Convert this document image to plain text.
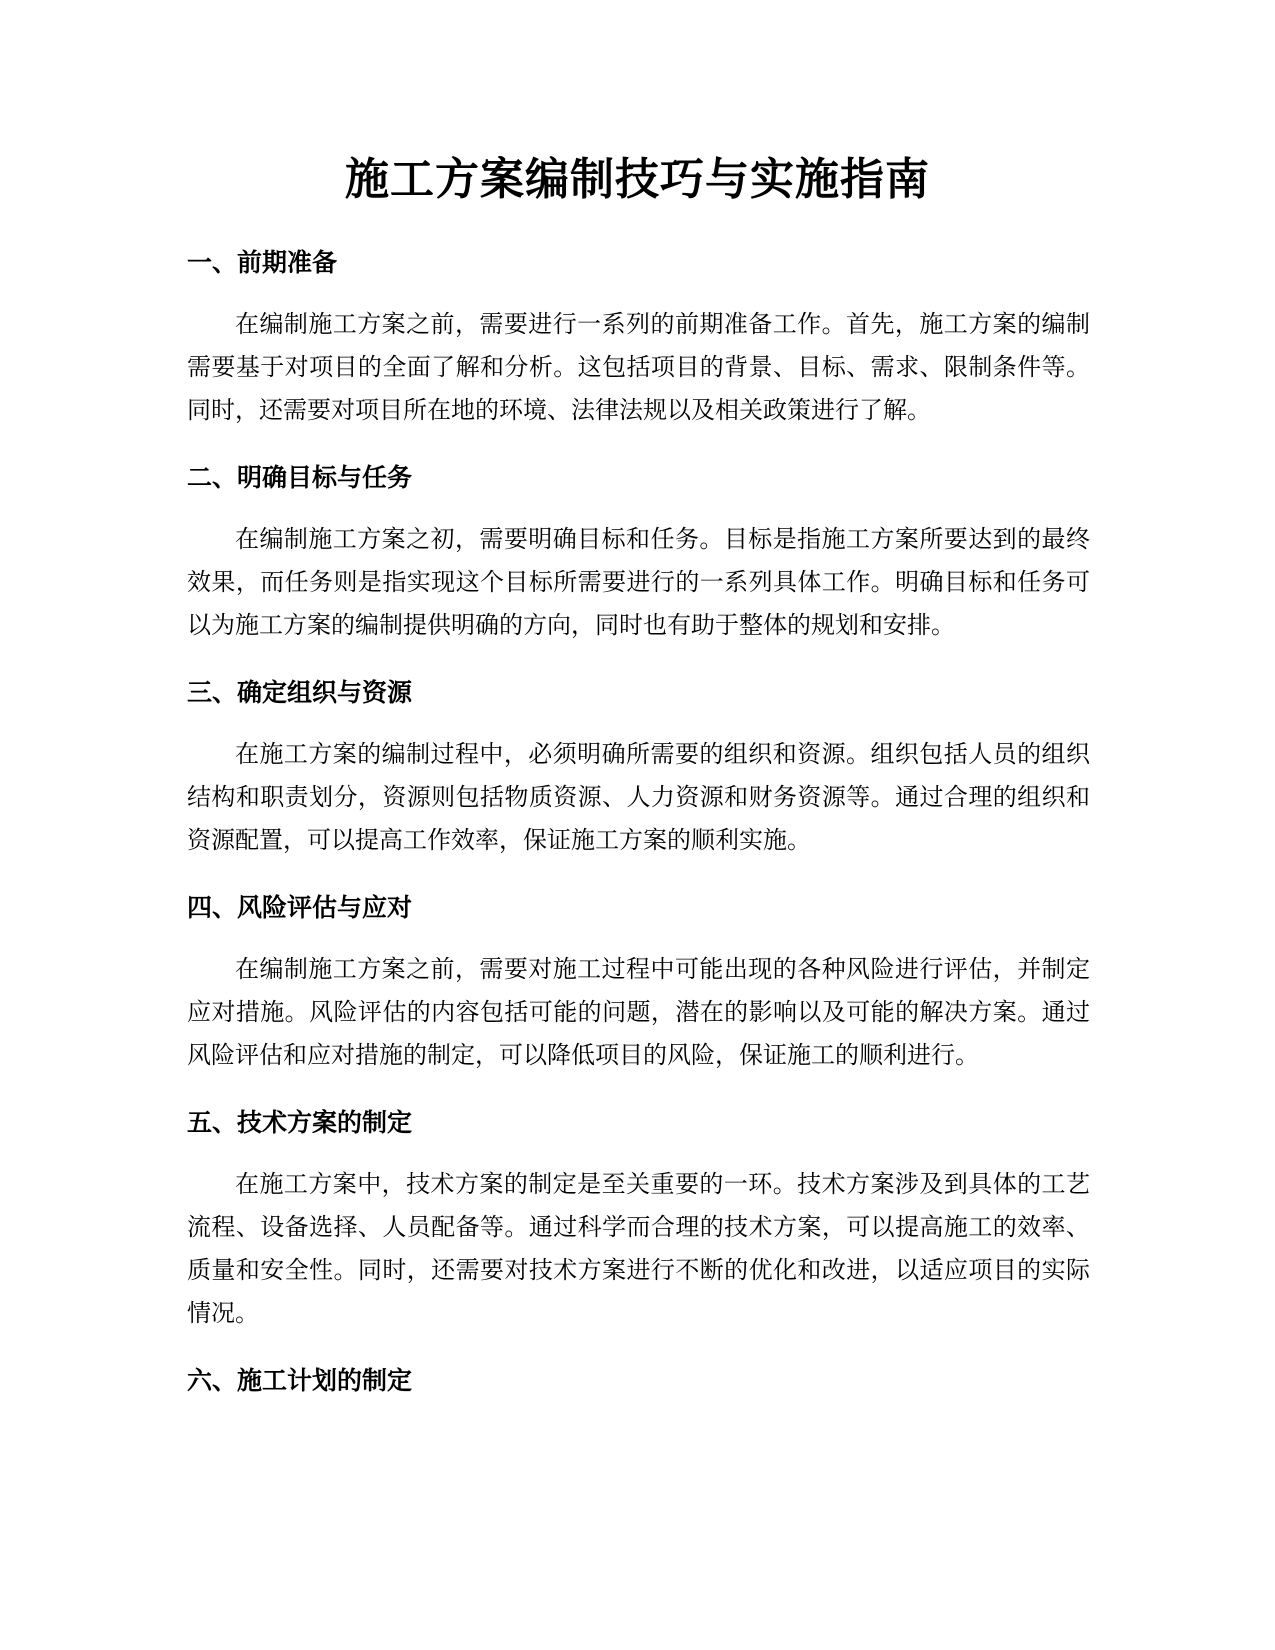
施工方案编制技巧与实施指南
一、前期准备

在编制施工方案之前，需要进行一系列的前期准备工作。首先，施工方案的编制需要基于对项目的全面了解和分析。这包括项目的背景、目标、需求、限制条件等。同时，还需要对项目所在地的环境、法律法规以及相关政策进行了解。

二、明确目标与任务

在编制施工方案之初，需要明确目标和任务。目标是指施工方案所要达到的最终效果，而任务则是指实现这个目标所需要进行的一系列具体工作。明确目标和任务可以为施工方案的编制提供明确的方向，同时也有助于整体的规划和安排。

三、确定组织与资源

在施工方案的编制过程中，必须明确所需要的组织和资源。组织包括人员的组织结构和职责划分，资源则包括物质资源、人力资源和财务资源等。通过合理的组织和资源配置，可以提高工作效率，保证施工方案的顺利实施。

四、风险评估与应对

在编制施工方案之前，需要对施工过程中可能出现的各种风险进行评估，并制定应对措施。风险评估的内容包括可能的问题，潜在的影响以及可能的解决方案。通过风险评估和应对措施的制定，可以降低项目的风险，保证施工的顺利进行。

五、技术方案的制定

在施工方案中，技术方案的制定是至关重要的一环。技术方案涉及到具体的工艺流程、设备选择、人员配备等。通过科学而合理的技术方案，可以提高施工的效率、质量和安全性。同时，还需要对技术方案进行不断的优化和改进，以适应项目的实际情况。

六、施工计划的制定
